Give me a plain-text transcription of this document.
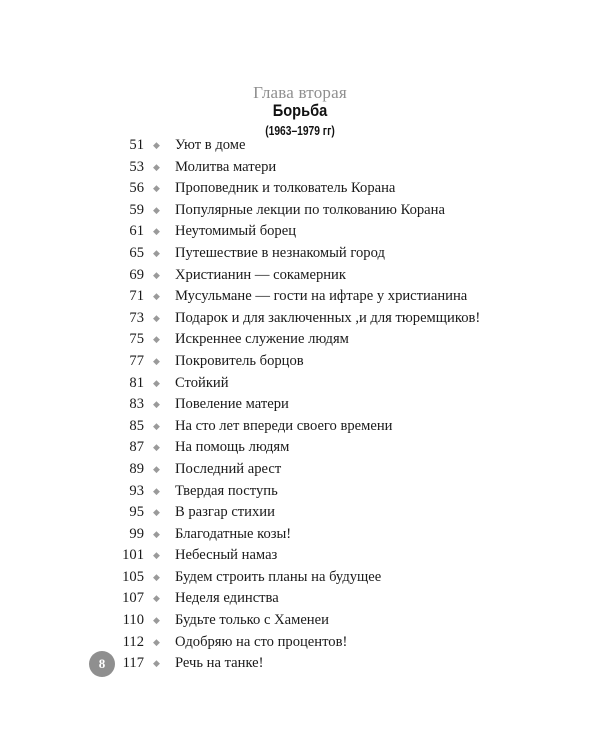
Глава вторая
Борьба
(1963–1979 гг)
51 ◆ Уют в доме
53 ◆ Молитва матери
56 ◆ Проповедник и толкователь Корана
59 ◆ Популярные лекции по толкованию Корана
61 ◆ Неутомимый борец
65 ◆ Путешествие в незнакомый город
69 ◆ Христианин — сокамерник
71 ◆ Мусульмане — гости на ифтаре у христианина
73 ◆ Подарок и для заключенных ,и для тюремщиков!
75 ◆ Искреннее служение людям
77 ◆ Покровитель борцов
81 ◆ Стойкий
83 ◆ Повеление матери
85 ◆ На сто лет впереди своего времени
87 ◆ На помощь людям
89 ◆ Последний арест
93 ◆ Твердая поступь
95 ◆ В разгар стихии
99 ◆ Благодатные козы!
101 ◆ Небесный намаз
105 ◆ Будем строить планы на будущее
107 ◆ Неделя единства
110 ◆ Будьте только с Хаменеи
112 ◆ Одобряю на сто процентов!
117 ◆ Речь на танке!
8
